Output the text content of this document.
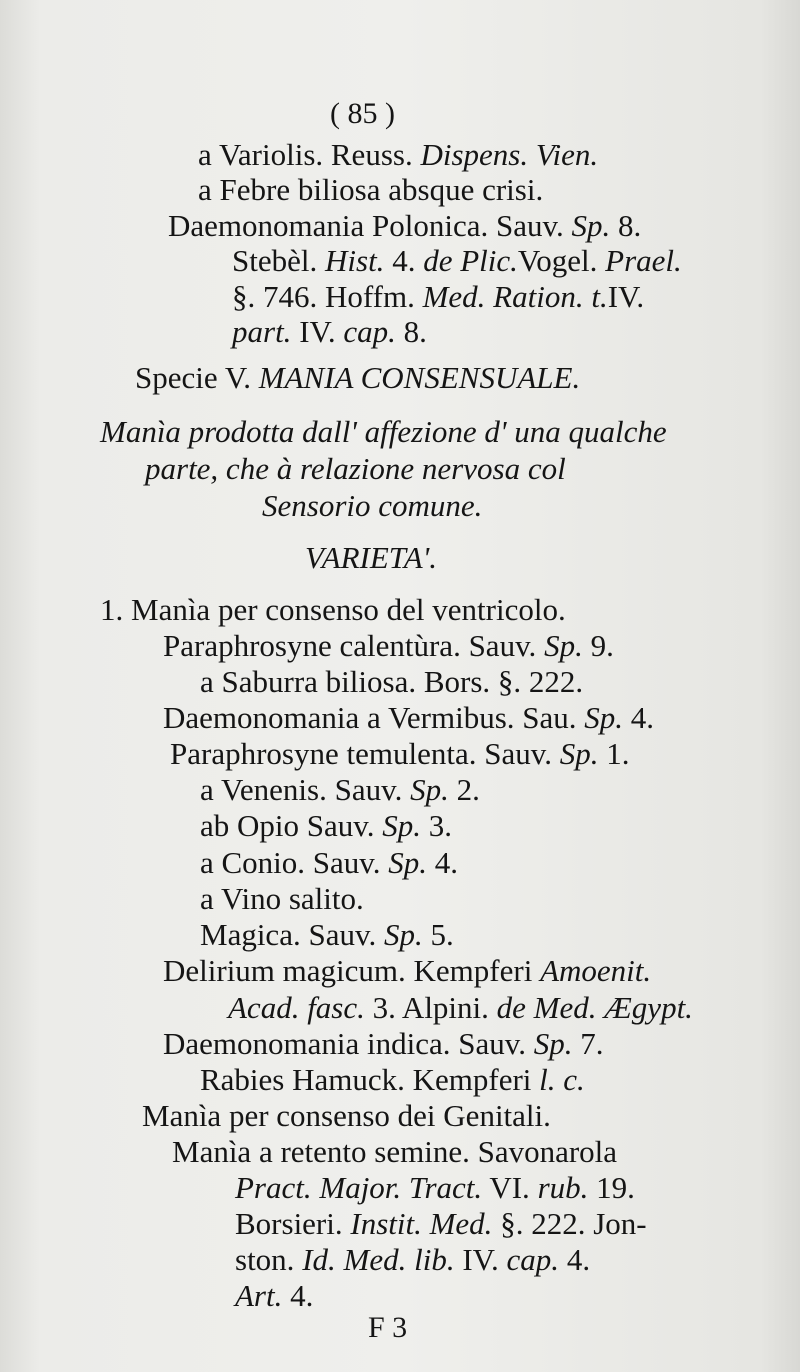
( 85 )
a Variolis. Reuss. Dispens. Vien.
a Febre biliosa absque crisi.
Daemonomania Polonica. Sauv. Sp. 8.
Stebèl. Hist. 4. de Plic.Vogel. Prael.
§. 746. Hoffm. Med. Ration. t.IV.
part. IV. cap. 8.
Specie V. MANIA CONSENSUALE.
Manìa prodotta dall' affezione d' una qualche
parte, che à relazione nervosa col
Sensorio comune.
VARIETA'.
1. Manìa per consenso del ventricolo.
Paraphrosyne calentùra. Sauv. Sp. 9.
a Saburra biliosa. Bors. §. 222.
Daemonomania a Vermibus. Sau. Sp. 4.
Paraphrosyne temulenta. Sauv. Sp. 1.
a Venenis. Sauv. Sp. 2.
ab Opio Sauv. Sp. 3.
a Conio. Sauv. Sp. 4.
a Vino salito.
Magica. Sauv. Sp. 5.
Delirium magicum. Kempferi Amoenit.
Acad. fasc. 3. Alpini. de Med. Ægypt.
Daemonomania indica. Sauv. Sp. 7.
Rabies Hamuck. Kempferi l. c.
Manìa per consenso dei Genitali.
Manìa a retento semine. Savonarola
Pract. Major. Tract. VI. rub. 19.
Borsieri. Instit. Med. §. 222. Jon-
ston. Id. Med. lib. IV. cap. 4.
Art. 4.
F 3
